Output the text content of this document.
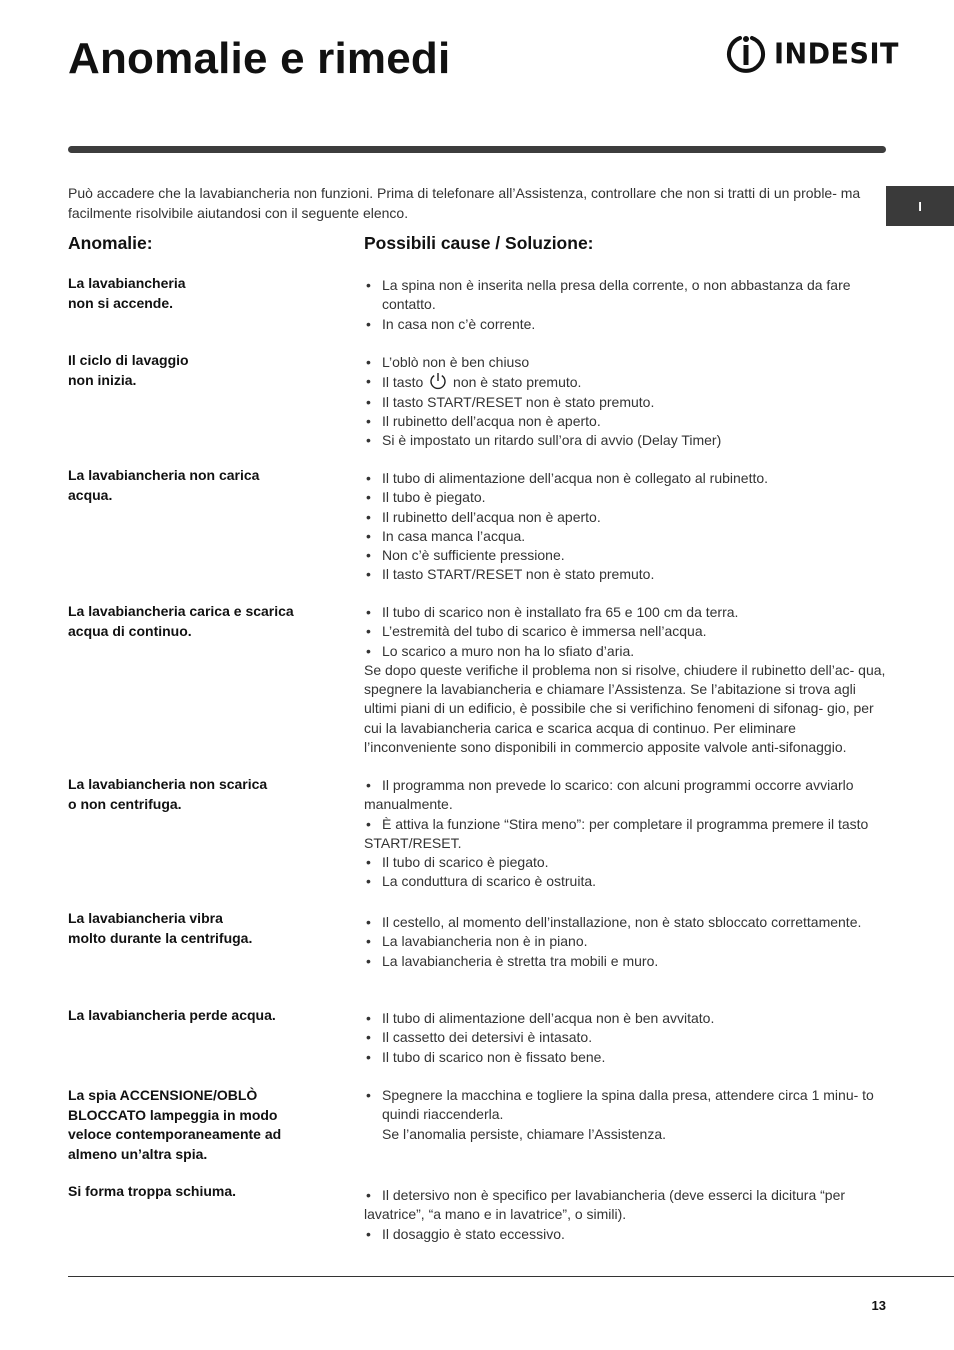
Anomalie e rimedi	INDESIT
I

Può accadere che la lavabiancheria non funzioni. Prima di telefonare all’Assistenza, controllare che non si tratti di un proble- ma facilmente risolvibile aiutandosi con il seguente elenco.

Anomalie:	Possibili cause / Soluzione:
La lavabiancheria
non si accende.
• La spina non è inserita nella presa della corrente, o non abbastanza da fare contatto.
• In casa non c’è corrente.
Il ciclo di lavaggio
non inizia.
• L’oblò non è ben chiuso
• Il tasto non è stato premuto.
• Il tasto START/RESET non è stato premuto.
• Il rubinetto dell’acqua non è aperto.
• Si è impostato un ritardo sull’ora di avvio (Delay Timer)
La lavabiancheria non carica
acqua.
• Il tubo di alimentazione dell’acqua non è collegato al rubinetto.
• Il tubo è piegato.
• Il rubinetto dell’acqua non è aperto.
• In casa manca l’acqua.
• Non c’è sufficiente pressione.
• Il tasto START/RESET non è stato premuto.
La lavabiancheria carica e scarica
acqua di continuo.
• Il tubo di scarico non è installato fra 65 e 100 cm da terra.
• L’estremità del tubo di scarico è immersa nell’acqua.
• Lo scarico a muro non ha lo sfiato d’aria.
Se dopo queste verifiche il problema non si risolve, chiudere il rubinetto dell’ac- qua, spegnere la lavabiancheria e chiamare l’Assistenza. Se l’abitazione si trova agli ultimi piani di un edificio, è possibile che si verifichino fenomeni di sifonag- gio, per cui la lavabiancheria carica e scarica acqua di continuo. Per eliminare l’inconveniente sono disponibili in commercio apposite valvole anti-sifonaggio.
La lavabiancheria non scarica
o non centrifuga.
• Il programma non prevede lo scarico: con alcuni programmi occorre avviarlo manualmente.
• È attiva la funzione “Stira meno”: per completare il programma premere il tasto START/RESET.
• Il tubo di scarico è piegato.
• La conduttura di scarico è ostruita.
La lavabiancheria vibra
molto durante la centrifuga.
• Il cestello, al momento dell’installazione, non è stato sbloccato correttamente.
• La lavabiancheria non è in piano.
• La lavabiancheria è stretta tra mobili e muro.
La lavabiancheria perde acqua.
•	Il tubo di alimentazione dell’acqua non è ben avvitato.
• Il cassetto dei detersivi è intasato.
• Il tubo di scarico non è fissato bene.
La spia ACCENSIONE/OBLÒ
BLOCCATO lampeggia in modo
veloce contemporaneamente ad
almeno un’altra spia.
• Spegnere la macchina e togliere la spina dalla presa, attendere circa 1 minu- to quindi riaccenderla.
Se l’anomalia persiste, chiamare l’Assistenza.
Si forma troppa schiuma.	• Il detersivo non è specifico per lavabiancheria (deve esserci la dicitura “per lavatrice”, “a mano e in lavatrice”, o simili).
• Il dosaggio è stato eccessivo.
13
